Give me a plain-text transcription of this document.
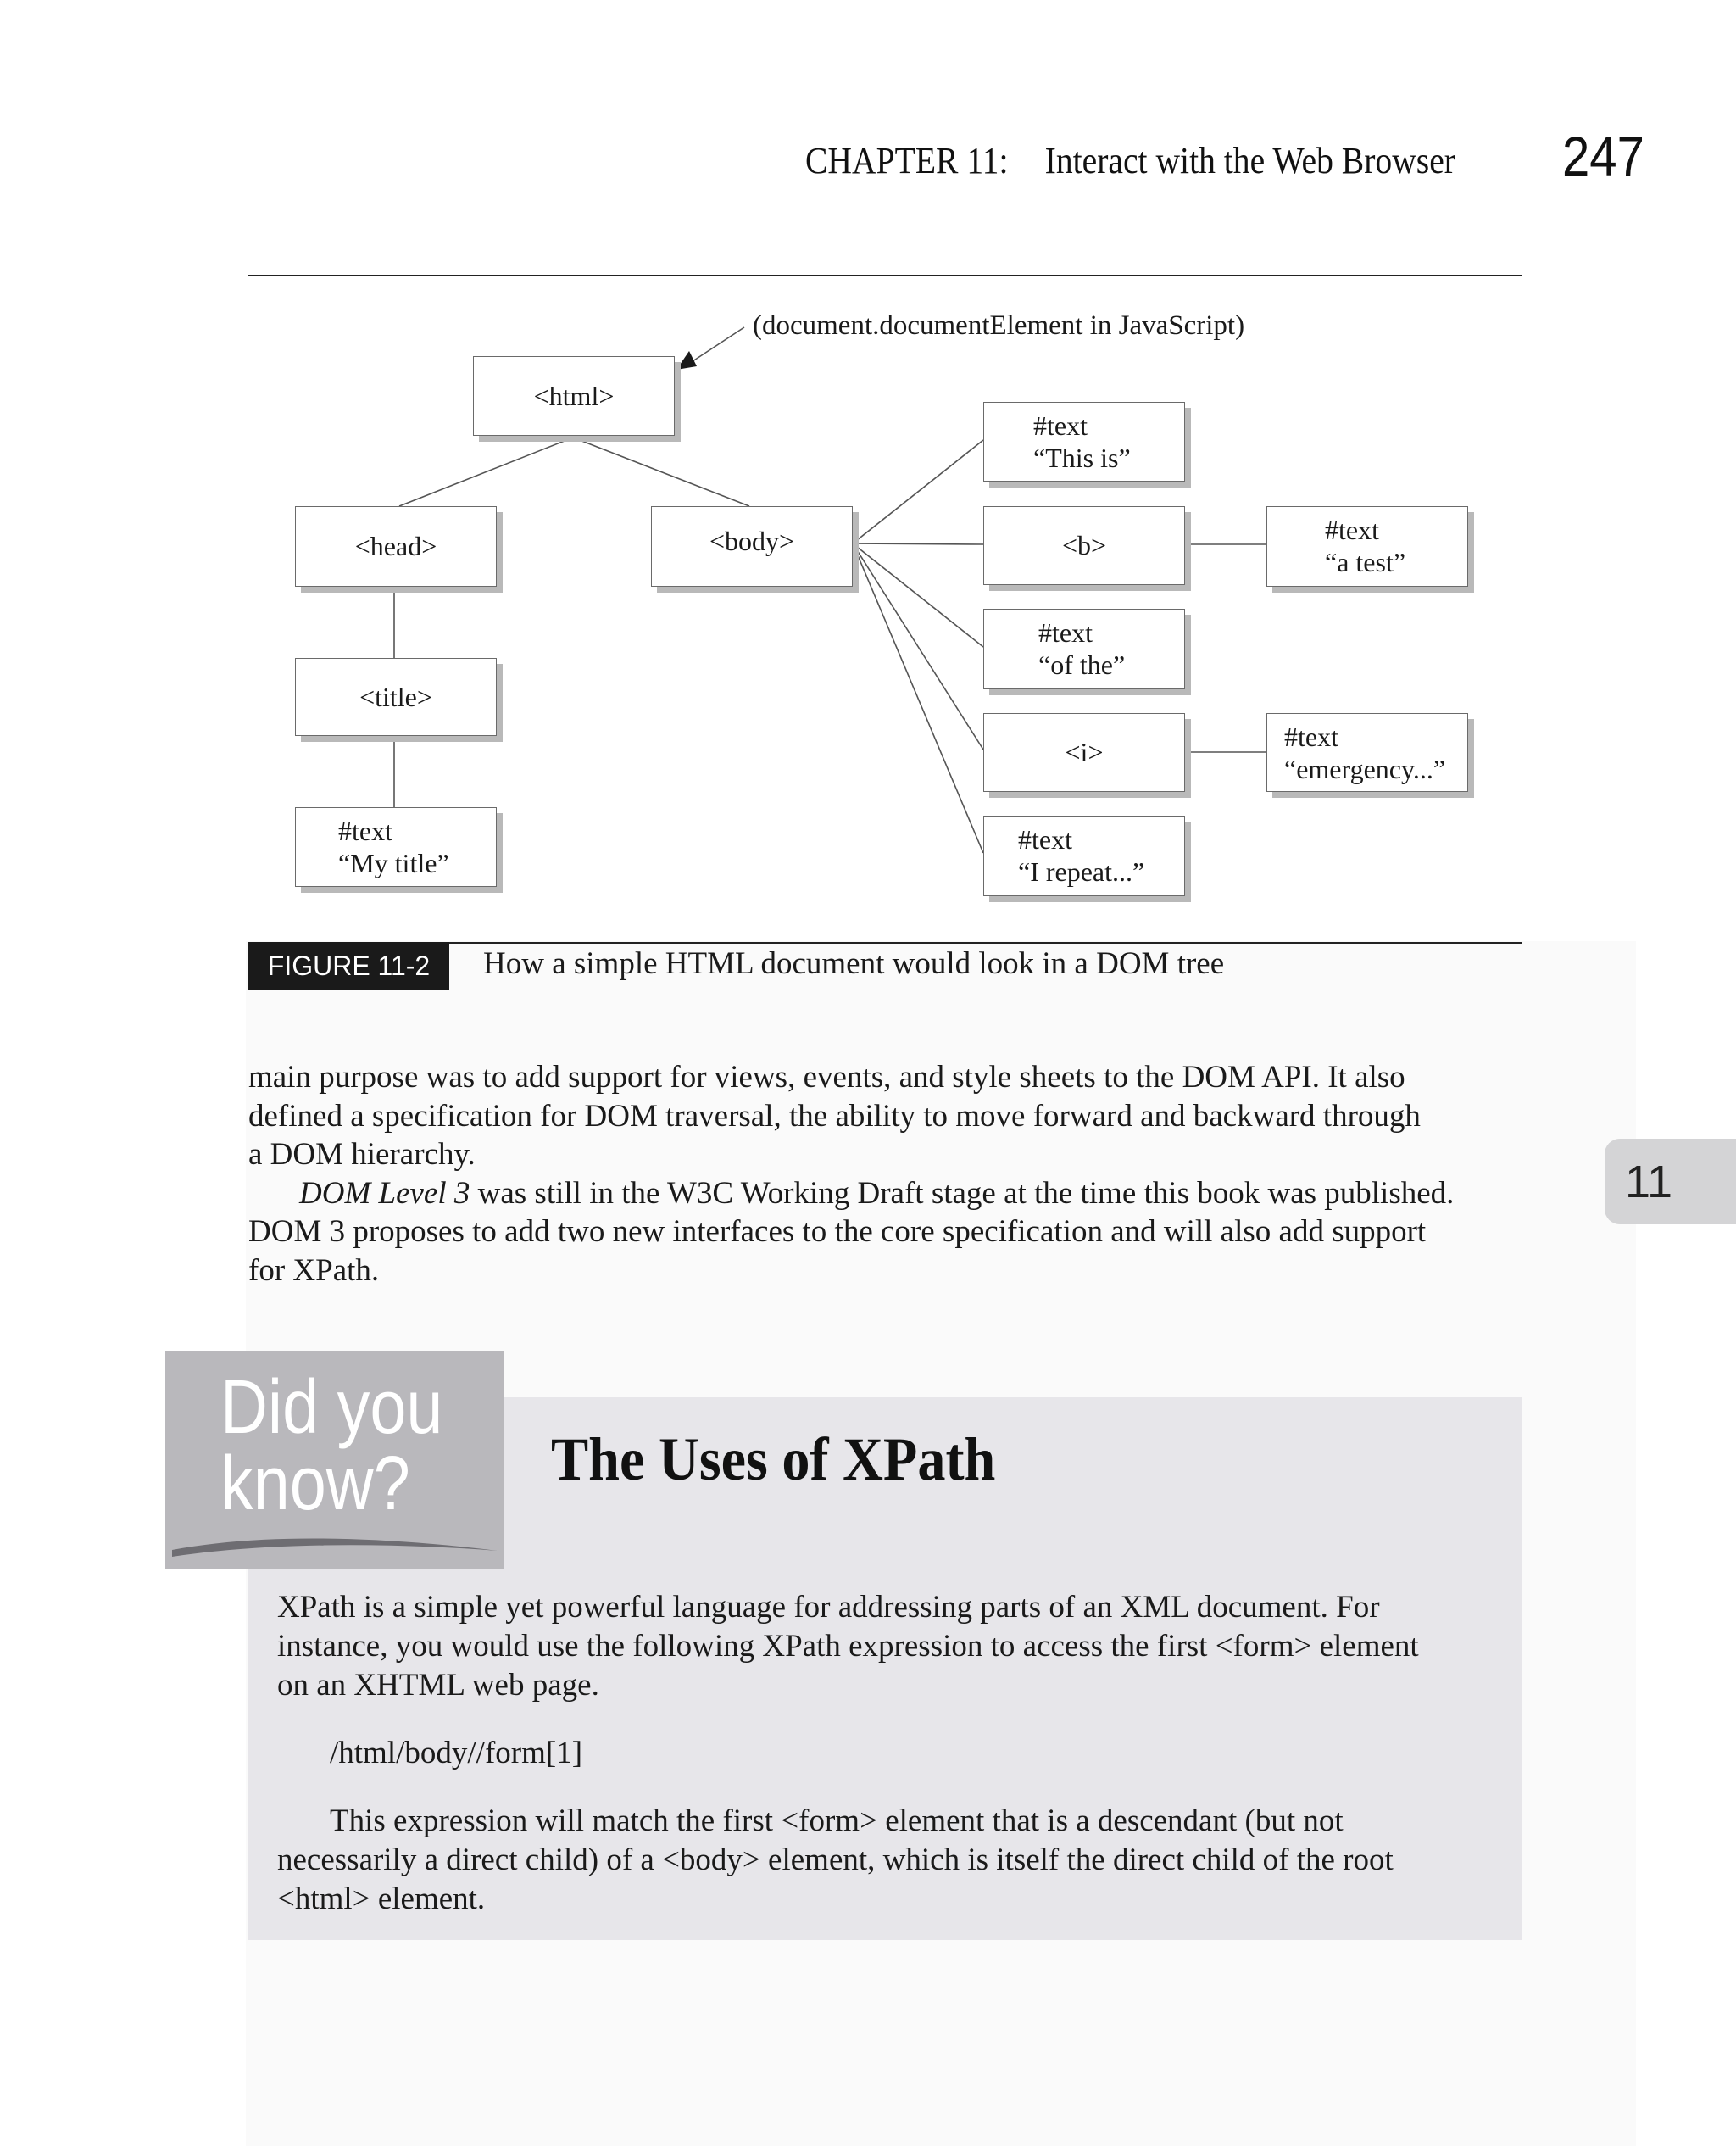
CHAPTER 11: Interact with the Web Browser 247
(document.documentElement in JavaScript)
<html>
<head>	<body>
<title>
#text
“My title”
#text
“This is”
<b>
#text
“of the”
<i>
#text
“I repeat...”
#text
“a test”
#text
“emergency...”
FIGURE 11-2	How a simple HTML document would look in a DOM tree

main purpose was to add support for views, events, and style sheets to the DOM API. It also

defined a specification for DOM traversal, the ability to move forward and backward through

a DOM hierarchy.

DOM Level 3 was still in the W3C Working Draft stage at the time this book was published.

DOM 3 proposes to add two new interfaces to the core specification and will also add support

for XPath.

11
Did you
know?	The Uses of XPath

XPath is a simple yet powerful language for addressing parts of an XML document. For

instance, you would use the following XPath expression to access the first <form> element

on an XHTML web page.

/html/body//form[1]

This expression will match the first <form> element that is a descendant (but not

necessarily a direct child) of a <body> element, which is itself the direct child of the root

<html> element.
